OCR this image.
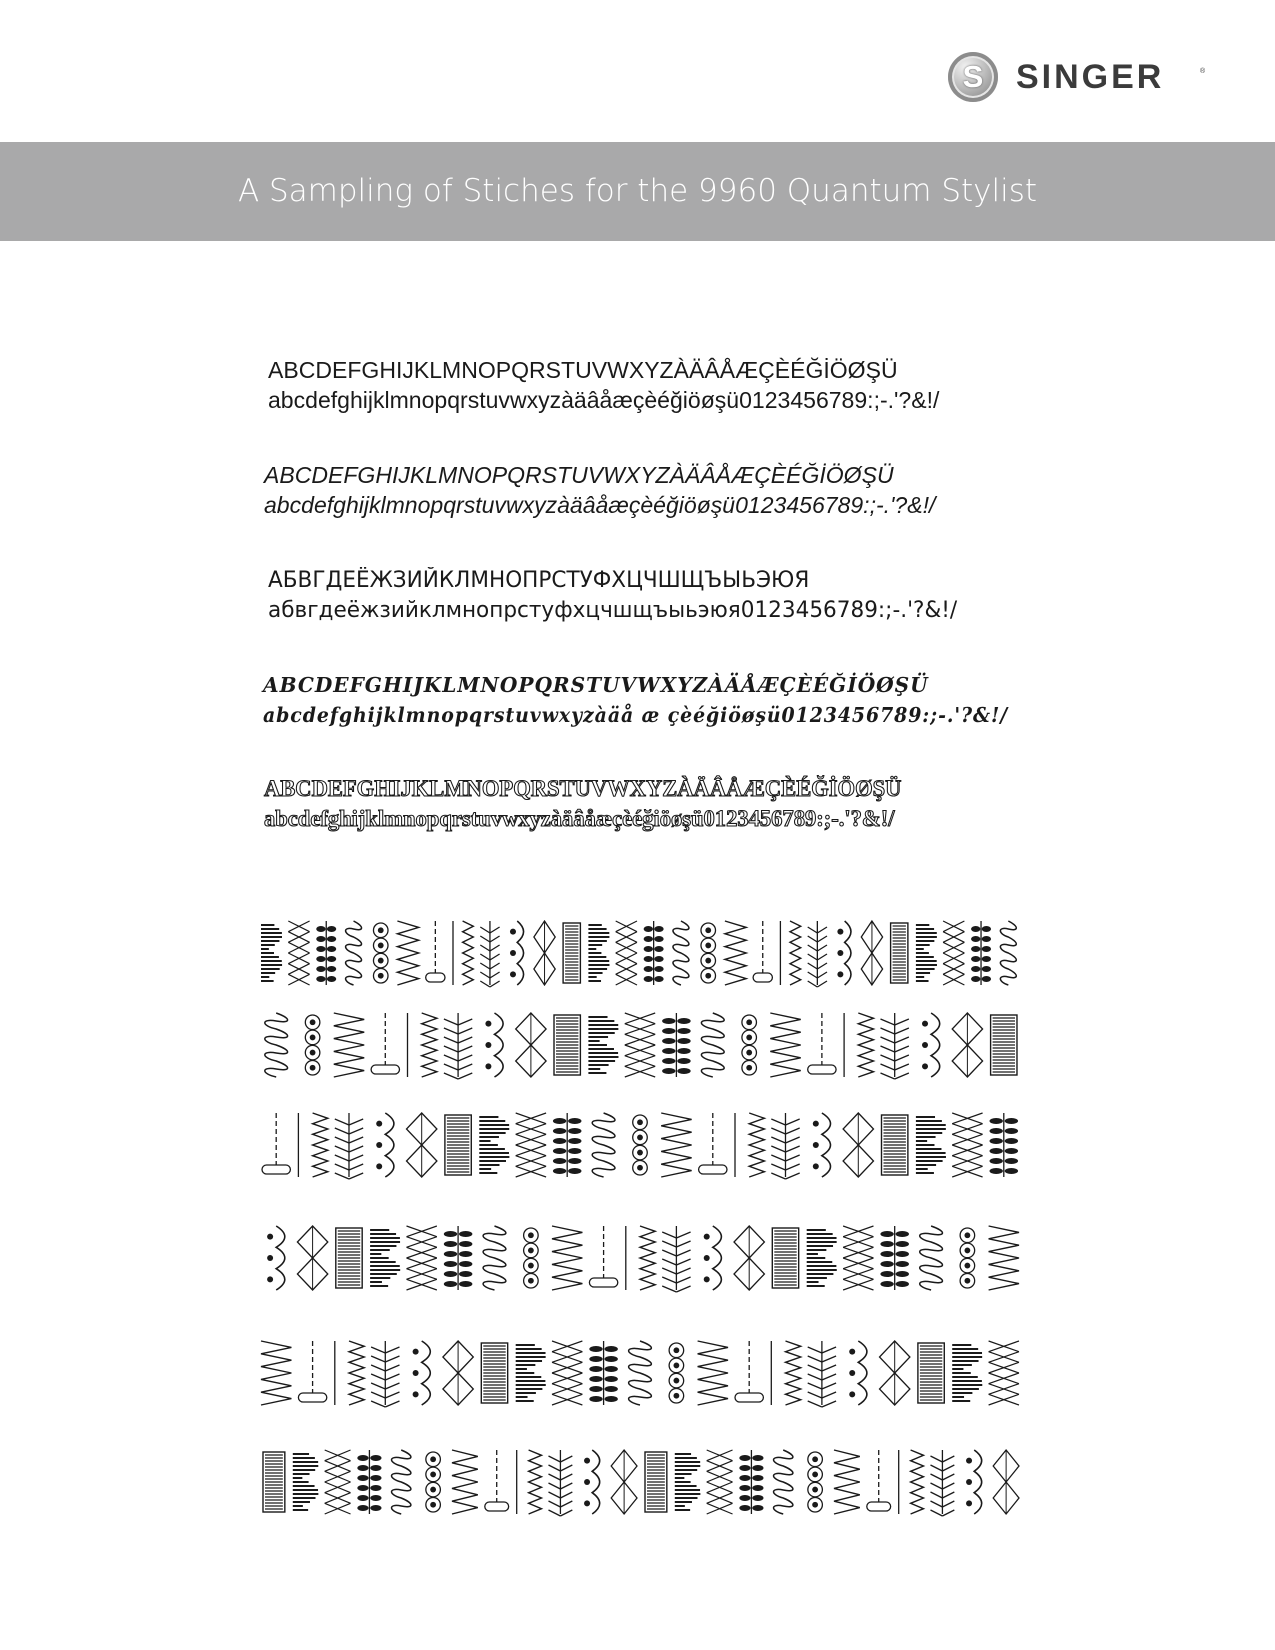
S SINGER	®
A Sampling of Stiches for the 9960 Quantum Stylist
ABCDEFGHIJKLMNOPQRSTUVWXYZÀÄÂÅÆÇÈÉĞİÖØŞÜ
abcdefghijklmnopqrstuvwxyzàäâåæçèéğiöøşü0123456789:;-.'?&!/
ABCDEFGHIJKLMNOPQRSTUVWXYZÀÄÂÅÆÇÈÉĞİÖØŞÜ
abcdefghijklmnopqrstuvwxyzàäâåæçèéğiöøşü0123456789:;-.'?&!/
АБВГДЕЁЖЗИЙКЛМНОПРСТУФХЦЧШЩЪЫЬЭЮЯ
абвгдеёжзийклмнопрстуфхцчшщъыьэюя0123456789:;-.'?&!/
ABCDEFGHIJKLMNOPQRSTUVWXYZÀÄÅÆÇÈÉĞİÖØŞÜ
abcdefghijklmnopqrstuvwxyzàäå æ çèéğiöøşü0123456789:;-.'?&!/
ABCDEFGHIJKLMNOPQRSTUVWXYZÀÄÂÅÆÇÈÉĞİÖØŞÜ
abcdefghijklmnopqrstuvwxyzàäâåæçèéğiöøşü0123456789:;-.'?&!/
